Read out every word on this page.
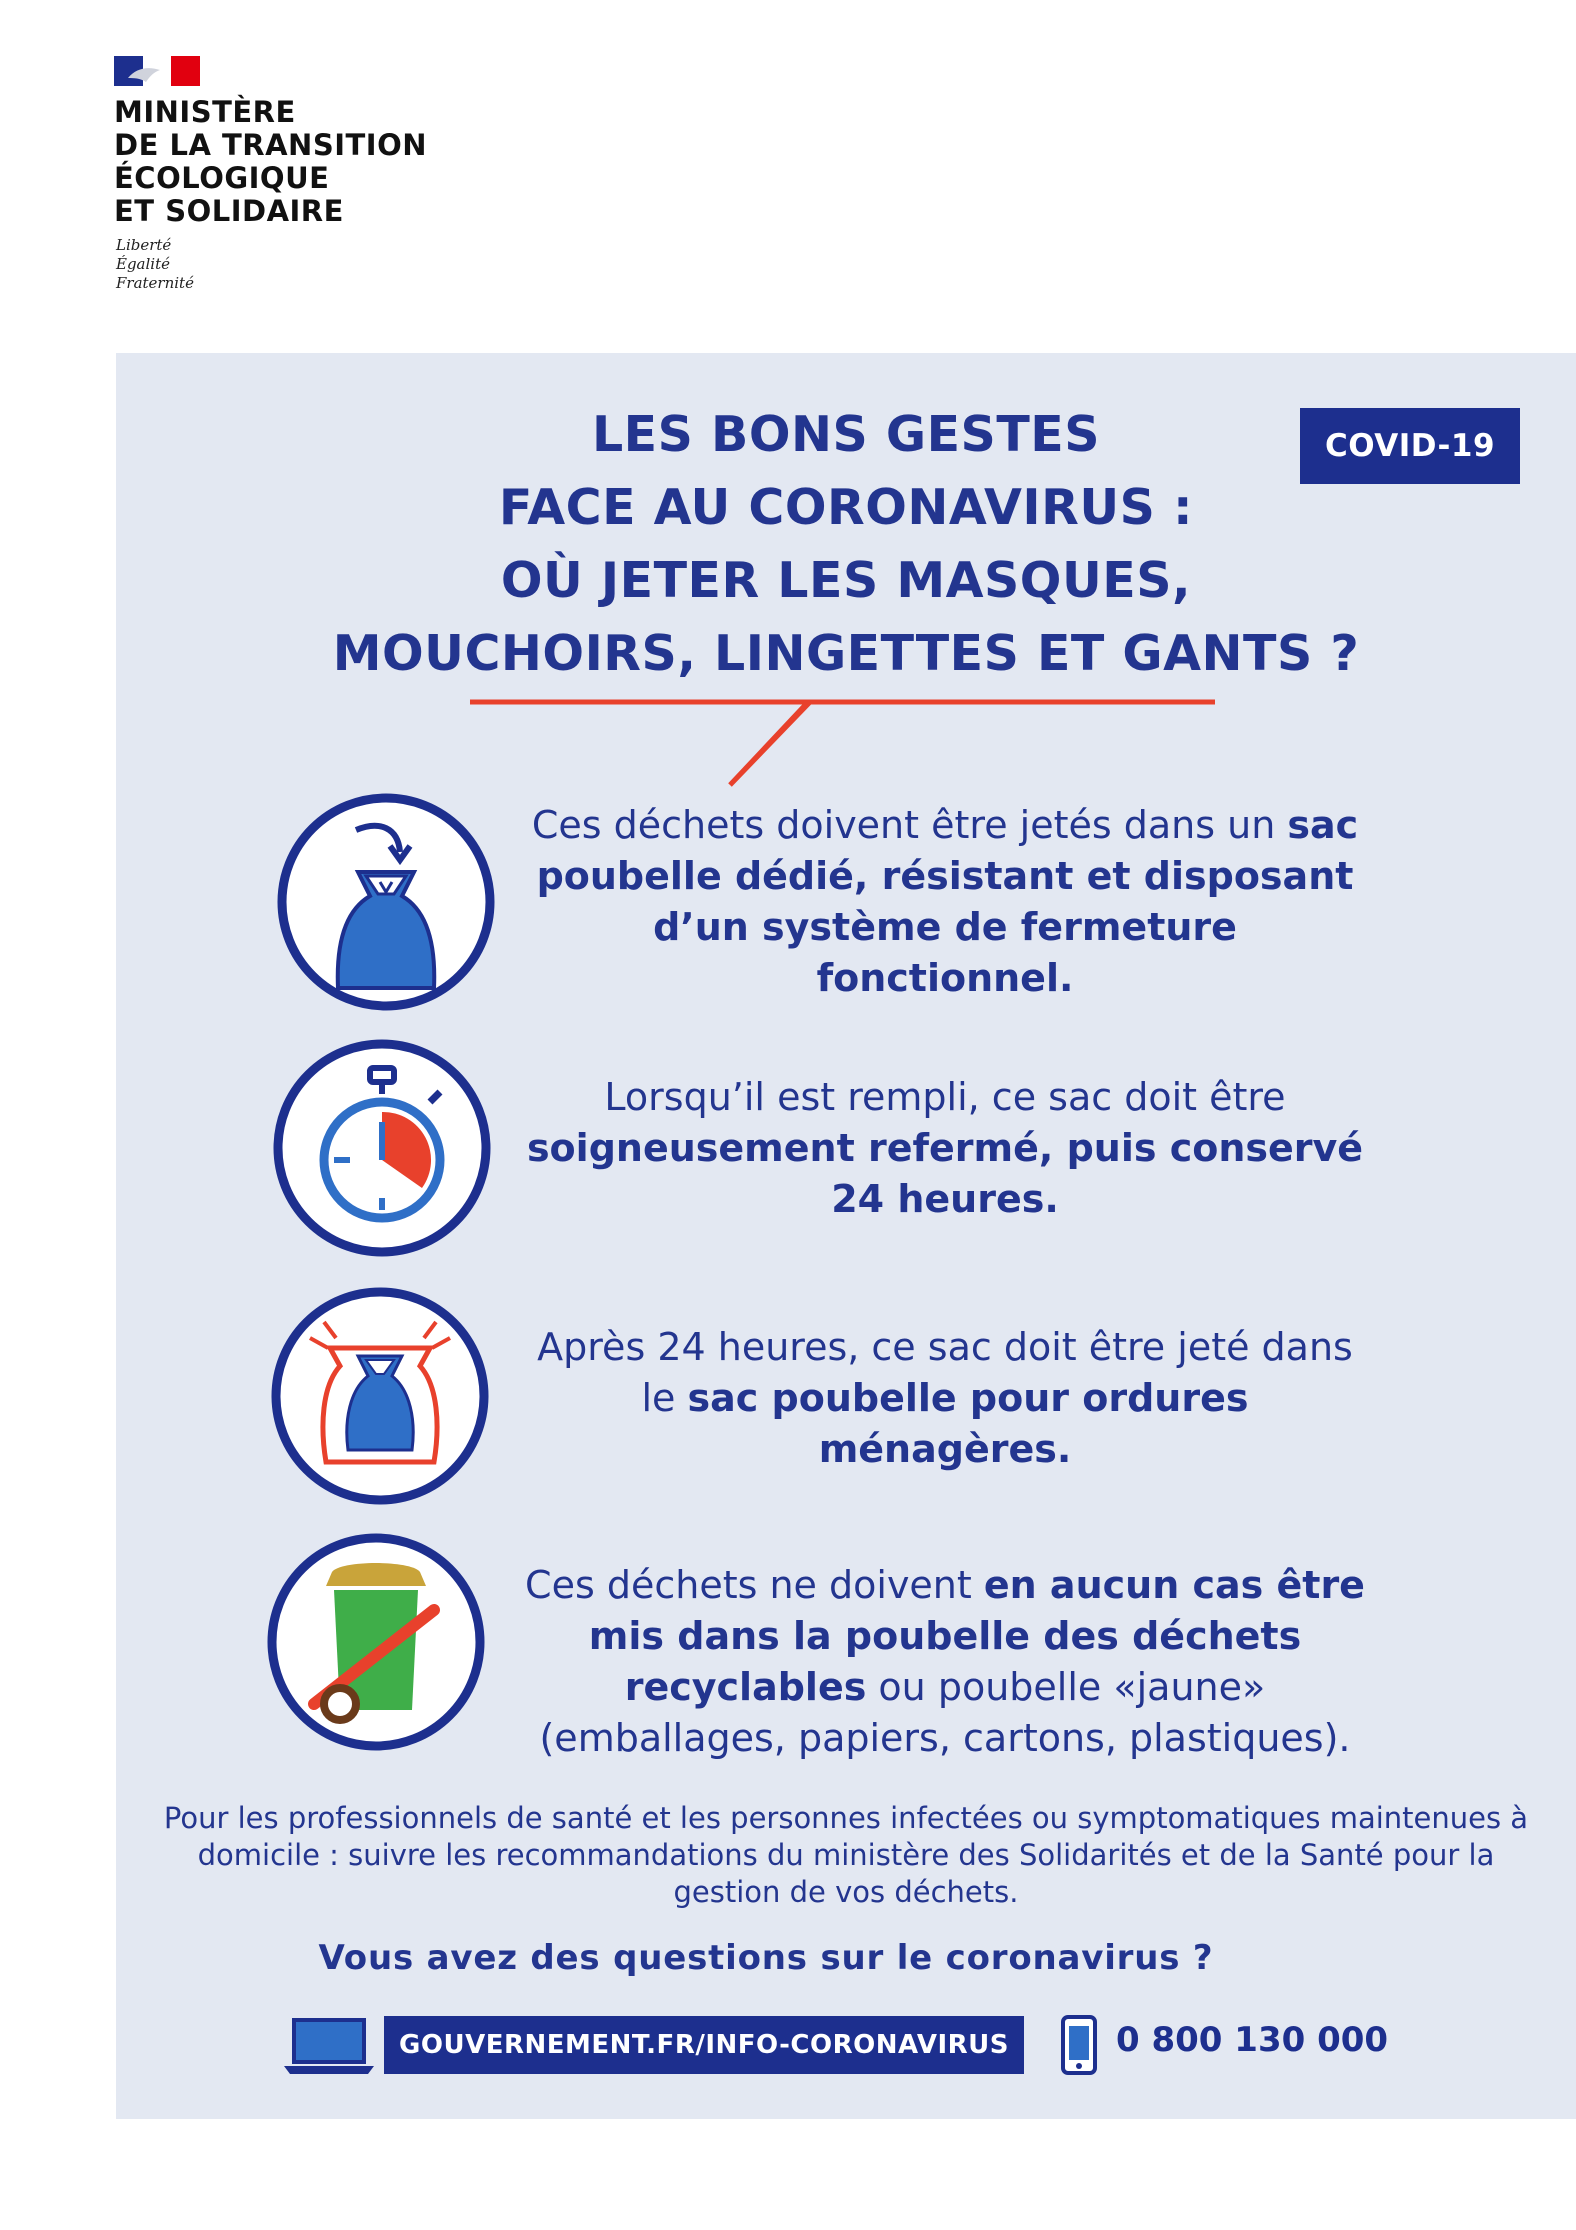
MINISTÈRE
DE LA TRANSITION
ÉCOLOGIQUE
ET SOLIDAIRE
Liberté
Égalité
Fraternité
LES BONS GESTES
FACE AU CORONAVIRUS :
OÙ JETER LES MASQUES,
MOUCHOIRS, LINGETTES ET GANTS ?
COVID-19
Ces déchets doivent être jetés dans un sac poubelle dédié, résistant et disposant d’un système de fermeture fonctionnel.
Lorsqu’il est rempli, ce sac doit être soigneusement refermé, puis conservé 24 heures.
Après 24 heures, ce sac doit être jeté dans le sac poubelle pour ordures ménagères.
Ces déchets ne doivent en aucun cas être mis dans la poubelle des déchets recyclables ou poubelle «jaune» (emballages, papiers, cartons, plastiques).
Pour les professionnels de santé et les personnes infectées ou symptomatiques maintenues à domicile : suivre les recommandations du ministère des Solidarités et de la Santé pour la gestion de vos déchets.
Vous avez des questions sur le coronavirus ?
GOUVERNEMENT.FR/INFO-CORONAVIRUS	0 800 130 000
